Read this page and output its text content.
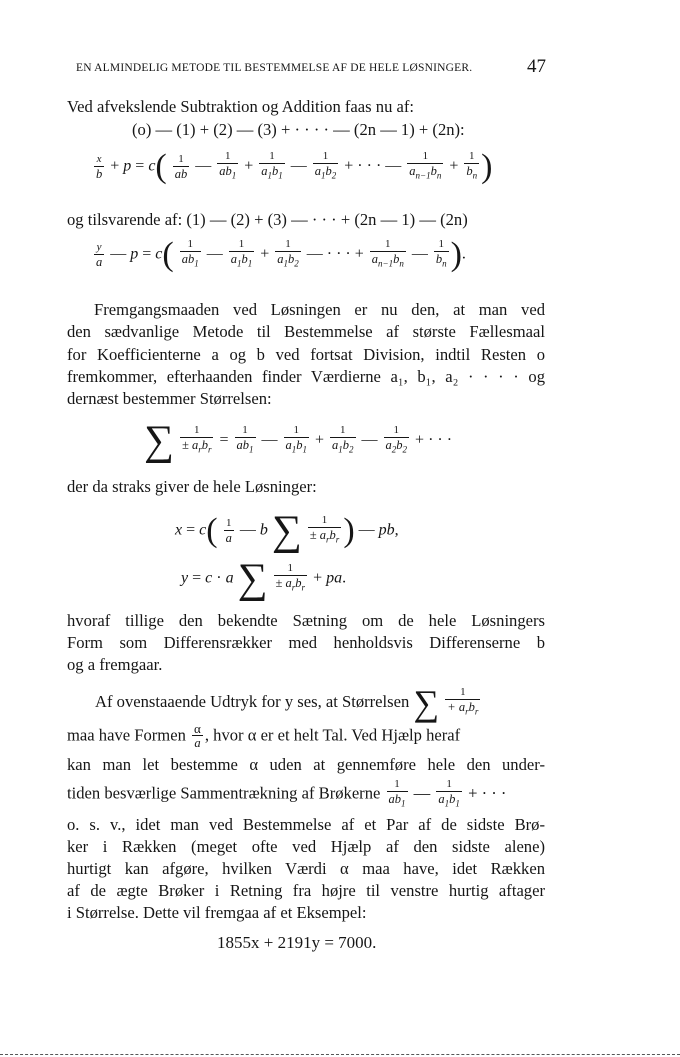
EN ALMINDELIG METODE TIL BESTEMMELSE AF DE HELE LØSNINGER.	47
Ved afvekslende Subtraktion og Addition faas nu af:
(o) — (1) + (2) — (3) + · · · · — (2n — 1) + (2n):
$\frac{x}{b} + p = c( \frac{1}{ab}$ — $\frac{1}{ab_1} + \frac{1}{a_1b_1}$ — $\frac{1}{a_1b_2}$ + · · · — $\frac{1}{a_{n-1}b_n} + \frac{1}{b_n}$ )
og tilsvarende af: (1) — (2) + (3) — · · · + (2n — 1) — (2n)
$\frac{y}{a}$ — $p = c( \frac{1}{ab_1}$ — $\frac{1}{a_1b_1} + \frac{1}{a_1b_2}$ — · · · + $\frac{1}{a_{n-1}b_n}$ — $\frac{1}{b_n}$ ).
Fremgangsmaaden ved Løsningen er nu den, at man ved
den sædvanlige Metode til Bestemmelse af største Fællesmaal
for Koefficienterne a og b ved fortsat Division, indtil Resten o
fremkommer, efterhaanden finder Værdierne a₁, b₁, a₂ · · · · og
dernæst bestemmer Størrelsen:
∑ $\frac{1}{\pm a_rb_r} = \frac{1}{ab_1}$ — $\frac{1}{a_1b_1} + \frac{1}{a_1b_2}$ — $\frac{1}{a_2b_2}$ + · · ·
der da straks giver de hele Løsninger:
$x = c( \frac{1}{a}$ — b ∑ $\frac{1}{\pm a_rb_r}$ ) — pb,
y = c · a ∑ $\frac{1}{\pm a_rb_r}$ + pa.
hvoraf tillige den bekendte Sætning om de hele Løsningers
Form som Differensrækker med henholdsvis Differenserne b
og a fremgaar.
Af ovenstaaende Udtryk for y ses, at Størrelsen ∑ $\frac{1}{+ a_rb_r}$
maa have Formen $\frac{\alpha}{a}$ , hvor α er et helt Tal. Ved Hjælp heraf
kan man let bestemme α uden at gennemføre hele den under-
tiden besværlige Sammentrækning af Brøkerne $\frac{1}{ab_1}$ — $\frac{1}{a_1b_1}$ + · · ·
o. s. v., idet man ved Bestemmelse af et Par af de sidste Brø-
ker i Rækken (meget ofte ved Hjælp af den sidste alene)
hurtigt kan afgøre, hvilken Værdi α maa have, idet Rækken
af de ægte Brøker i Retning fra højre til venstre hurtig aftager
i Størrelse. Dette vil fremgaa af et Eksempel:
1855x + 2191y = 7000.
